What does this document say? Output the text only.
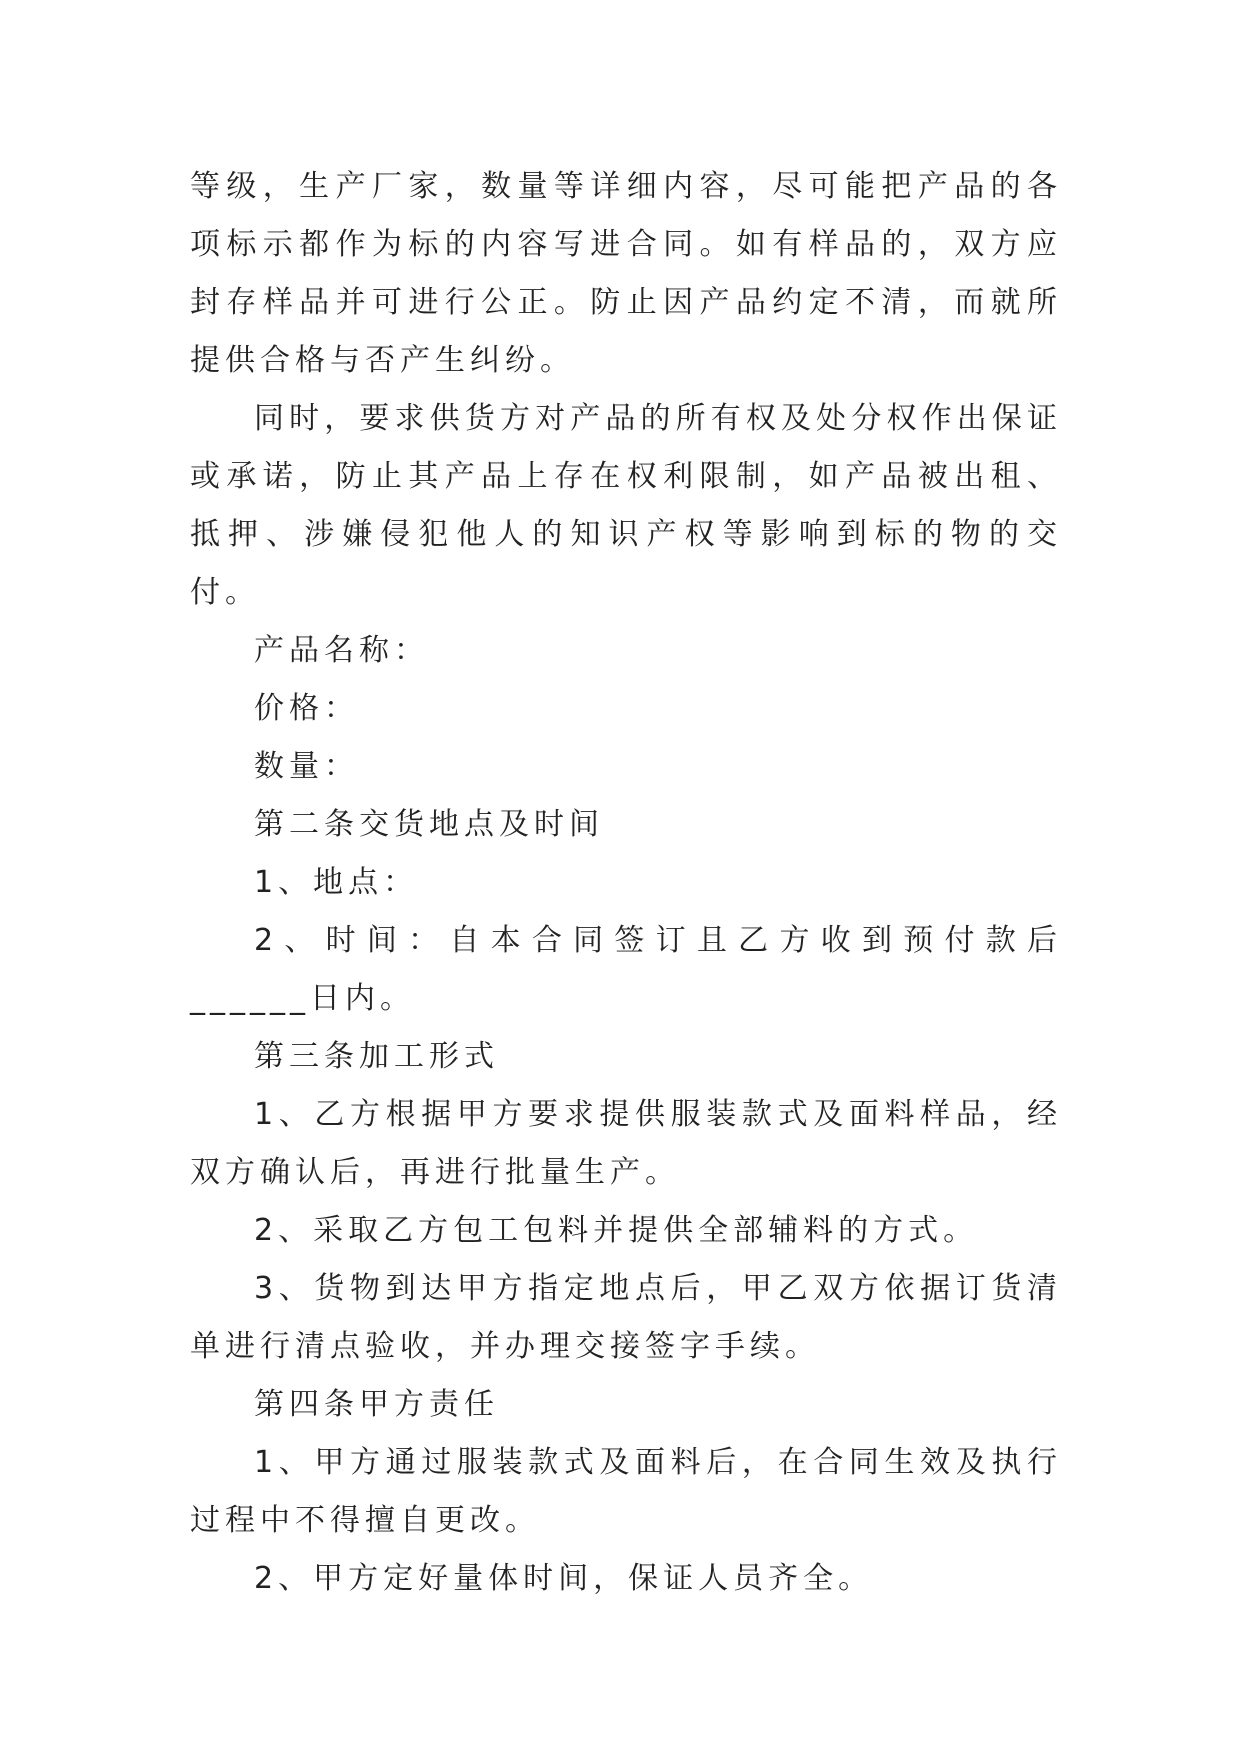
等级，生产厂家，数量等详细内容，尽可能把产品的各项标示都作为标的内容写进合同。如有样品的，双方应封存样品并可进行公正。防止因产品约定不清，而就所提供合格与否产生纠纷。

同时，要求供货方对产品的所有权及处分权作出保证或承诺，防止其产品上存在权利限制，如产品被出租、抵押、涉嫌侵犯他人的知识产权等影响到标的物的交付。

产品名称：

价格：

数量：

第二条交货地点及时间

1、地点：

2、时间：自本合同签订且乙方收到预付款后______日内。

第三条加工形式

1、乙方根据甲方要求提供服装款式及面料样品，经双方确认后，再进行批量生产。

2、采取乙方包工包料并提供全部辅料的方式。

3、货物到达甲方指定地点后，甲乙双方依据订货清单进行清点验收，并办理交接签字手续。

第四条甲方责任

1、甲方通过服装款式及面料后，在合同生效及执行过程中不得擅自更改。

2、甲方定好量体时间，保证人员齐全。
